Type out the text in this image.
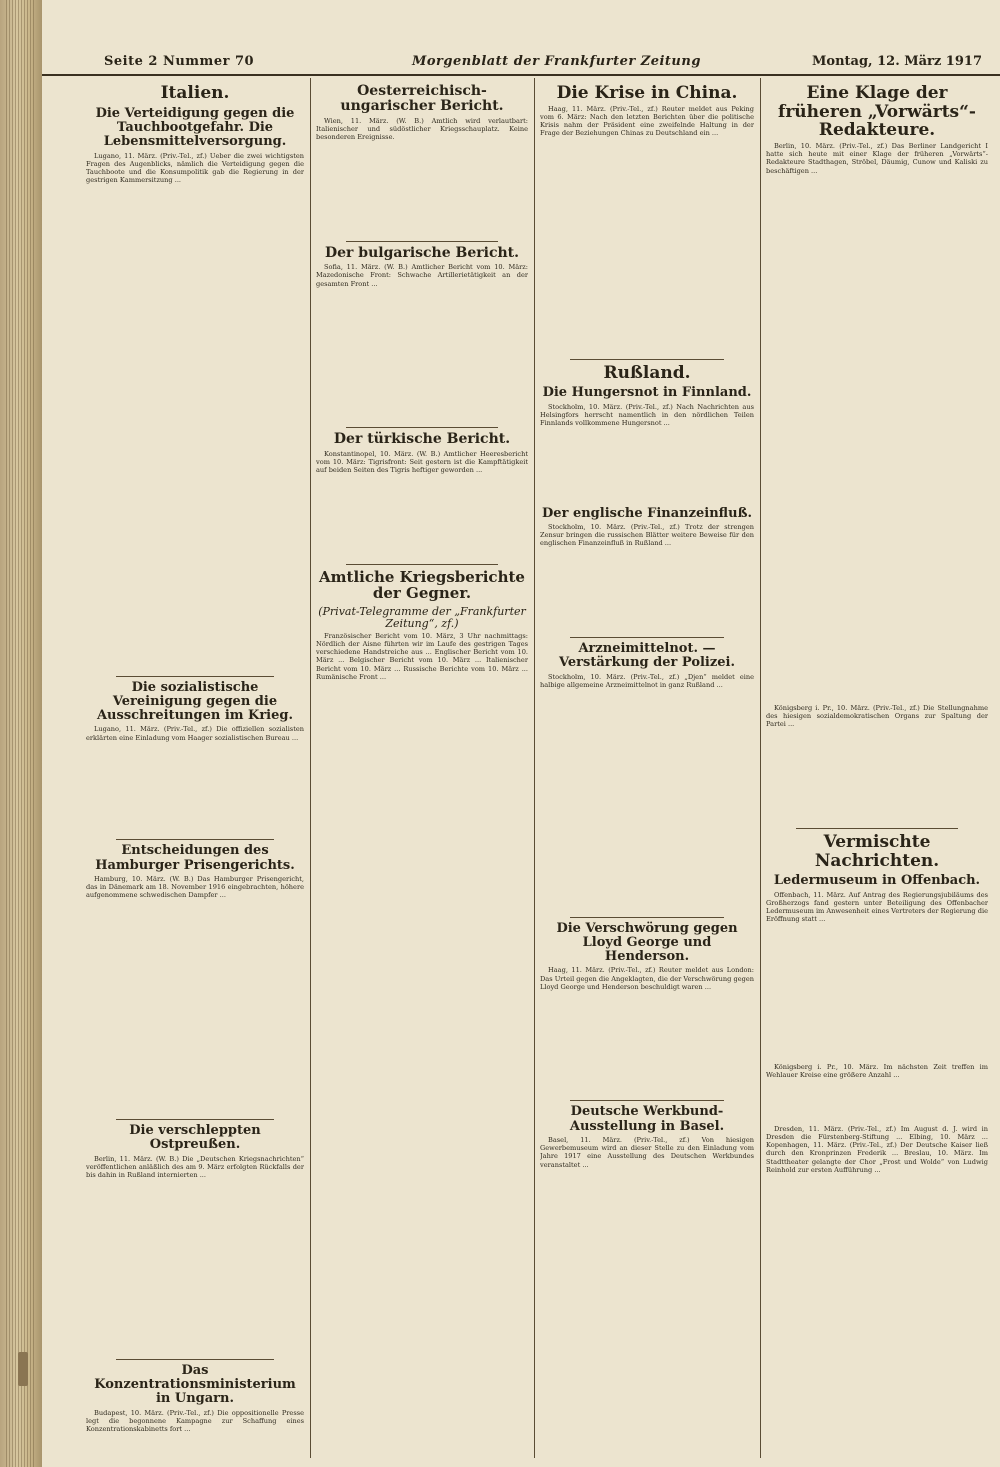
Seite 2 Nummer 70	Morgenblatt der Frankfurter Zeitung	Montag, 12. März 1917
Italien.
Die Verteidigung gegen die Tauchbootgefahr. Die Lebensmittelversorgung.

Lugano, 11. März. (Priv.-Tel., zf.) Ueber die zwei wichtigsten Fragen des Augenblicks, nämlich die Verteidigung gegen die Tauchboote und die Konsumpolitik gab die Regierung in der gestrigen Kammersitzung ...

Die sozialistische Vereinigung gegen die Ausschreitungen im Krieg.

Lugano, 11. März. (Priv.-Tel., zf.) Die offiziellen sozialisten erklärten eine Einladung vom Haager sozialistischen Bureau ...

Entscheidungen des Hamburger Prisengerichts.

Hamburg, 10. März. (W. B.) Das Hamburger Prisengericht, das in Dänemark am 18. November 1916 eingebrachten, höhere aufgenommene schwedischen Dampfer ...

Die verschleppten Ostpreußen.

Berlin, 11. März. (W. B.) Die „Deutschen Kriegsnachrichten“ veröffentlichen anläßlich des am 9. März erfolgten Rückfalls der bis dahin in Rußland internierten ...

Das Konzentrationsministerium in Ungarn.

Budapest, 10. März. (Priv.-Tel., zf.) Die oppositionelle Presse legt die begonnene Kampagne zur Schaffung eines Konzentrationskabinetts fort ...

Oesterreichisch-ungarischer Bericht.

Wien, 11. März. (W. B.) Amtlich wird verlautbart: Italienischer und südöstlicher Kriegsschauplatz. Keine besonderen Ereignisse.

Der bulgarische Bericht.

Sofia, 11. März. (W. B.) Amtlicher Bericht vom 10. März: Mazedonische Front: Schwache Artillerietätigkeit an der gesamten Front ...

Der türkische Bericht.

Konstantinopel, 10. März. (W. B.) Amtlicher Heeresbericht vom 10. März: Tigrisfront: Seit gestern ist die Kampftätigkeit auf beiden Seiten des Tigris heftiger geworden ...

Amtliche Kriegsberichte der Gegner.
(Privat-Telegramme der „Frankfurter Zeitung“, zf.)

Französischer Bericht vom 10. März, 3 Uhr nachmittags: Nördlich der Aisne führten wir im Laufe des gestrigen Tages verschiedene Handstreiche aus ... Englischer Bericht vom 10. März ... Belgischer Bericht vom 10. März ... Italienischer Bericht vom 10. März ... Russische Berichte vom 10. März ... Rumänische Front ...

Die Krise in China.

Haag, 11. März. (Priv.-Tel., zf.) Reuter meldet aus Peking vom 6. März: Nach den letzten Berichten über die politische Krisis nahm der Präsident eine zweifelnde Haltung in der Frage der Beziehungen Chinas zu Deutschland ein ...

Rußland.
Die Hungersnot in Finnland.

Stockholm, 10. März. (Priv.-Tel., zf.) Nach Nachrichten aus Helsingfors herrscht namentlich in den nördlichen Teilen Finnlands vollkommene Hungersnot ...

Der englische Finanzeinfluß.

Stockholm, 10. März. (Priv.-Tel., zf.) Trotz der strengen Zensur bringen die russischen Blätter weitere Beweise für den englischen Finanzeinfluß in Rußland ...

Arzneimittelnot. — Verstärkung der Polizei.

Stockholm, 10. März. (Priv.-Tel., zf.) „Djen“ meldet eine halbige allgemeine Arzneimittelnot in ganz Rußland ...

Die Verschwörung gegen Lloyd George und Henderson.

Haag, 11. März. (Priv.-Tel., zf.) Reuter meldet aus London: Das Urteil gegen die Angeklagten, die der Verschwörung gegen Lloyd George und Henderson beschuldigt waren ...

Deutsche Werkbund-Ausstellung in Basel.

Basel, 11. März. (Priv.-Tel., zf.) Von hiesigen Gewerbemuseum wird an dieser Stelle zu den Einladung vom Jahre 1917 eine Ausstellung des Deutschen Werkbundes veranstaltet ...

Eine Klage der früheren „Vorwärts“-Redakteure.

Berlin, 10. März. (Priv.-Tel., zf.) Das Berliner Landgericht I hatte sich heute mit einer Klage der früheren „Vorwärts“-Redakteure Stadthagen, Ströbel, Däumig, Cunow und Kaliski zu beschäftigen ...

Königsberg i. Pr., 10. März. (Priv.-Tel., zf.) Die Stellungnahme des hiesigen sozialdemokratischen Organs zur Spaltung der Partei ...

Vermischte Nachrichten.
Ledermuseum in Offenbach.

Offenbach, 11. März. Auf Antrag des Regierungsjubiläums des Großherzogs fand gestern unter Beteiligung des Offenbacher Ledermuseum im Anwesenheit eines Vertreters der Regierung die Eröffnung statt ...

Königsberg i. Pr., 10. März. Im nächsten Zeit treffen im Wehlauer Kreise eine größere Anzahl ...

Dresden, 11. März. (Priv.-Tel., zf.) Im August d. J. wird in Dresden die Fürstenberg-Stiftung ... Elbing, 10. März ... Kopenhagen, 11. März. (Priv.-Tel., zf.) Der Deutsche Kaiser ließ durch den Kronprinzen Frederik ... Breslau, 10. März. Im Stadttheater gelangte der Chor „Frost und Wolde“ von Ludwig Reinhold zur ersten Aufführung ...
